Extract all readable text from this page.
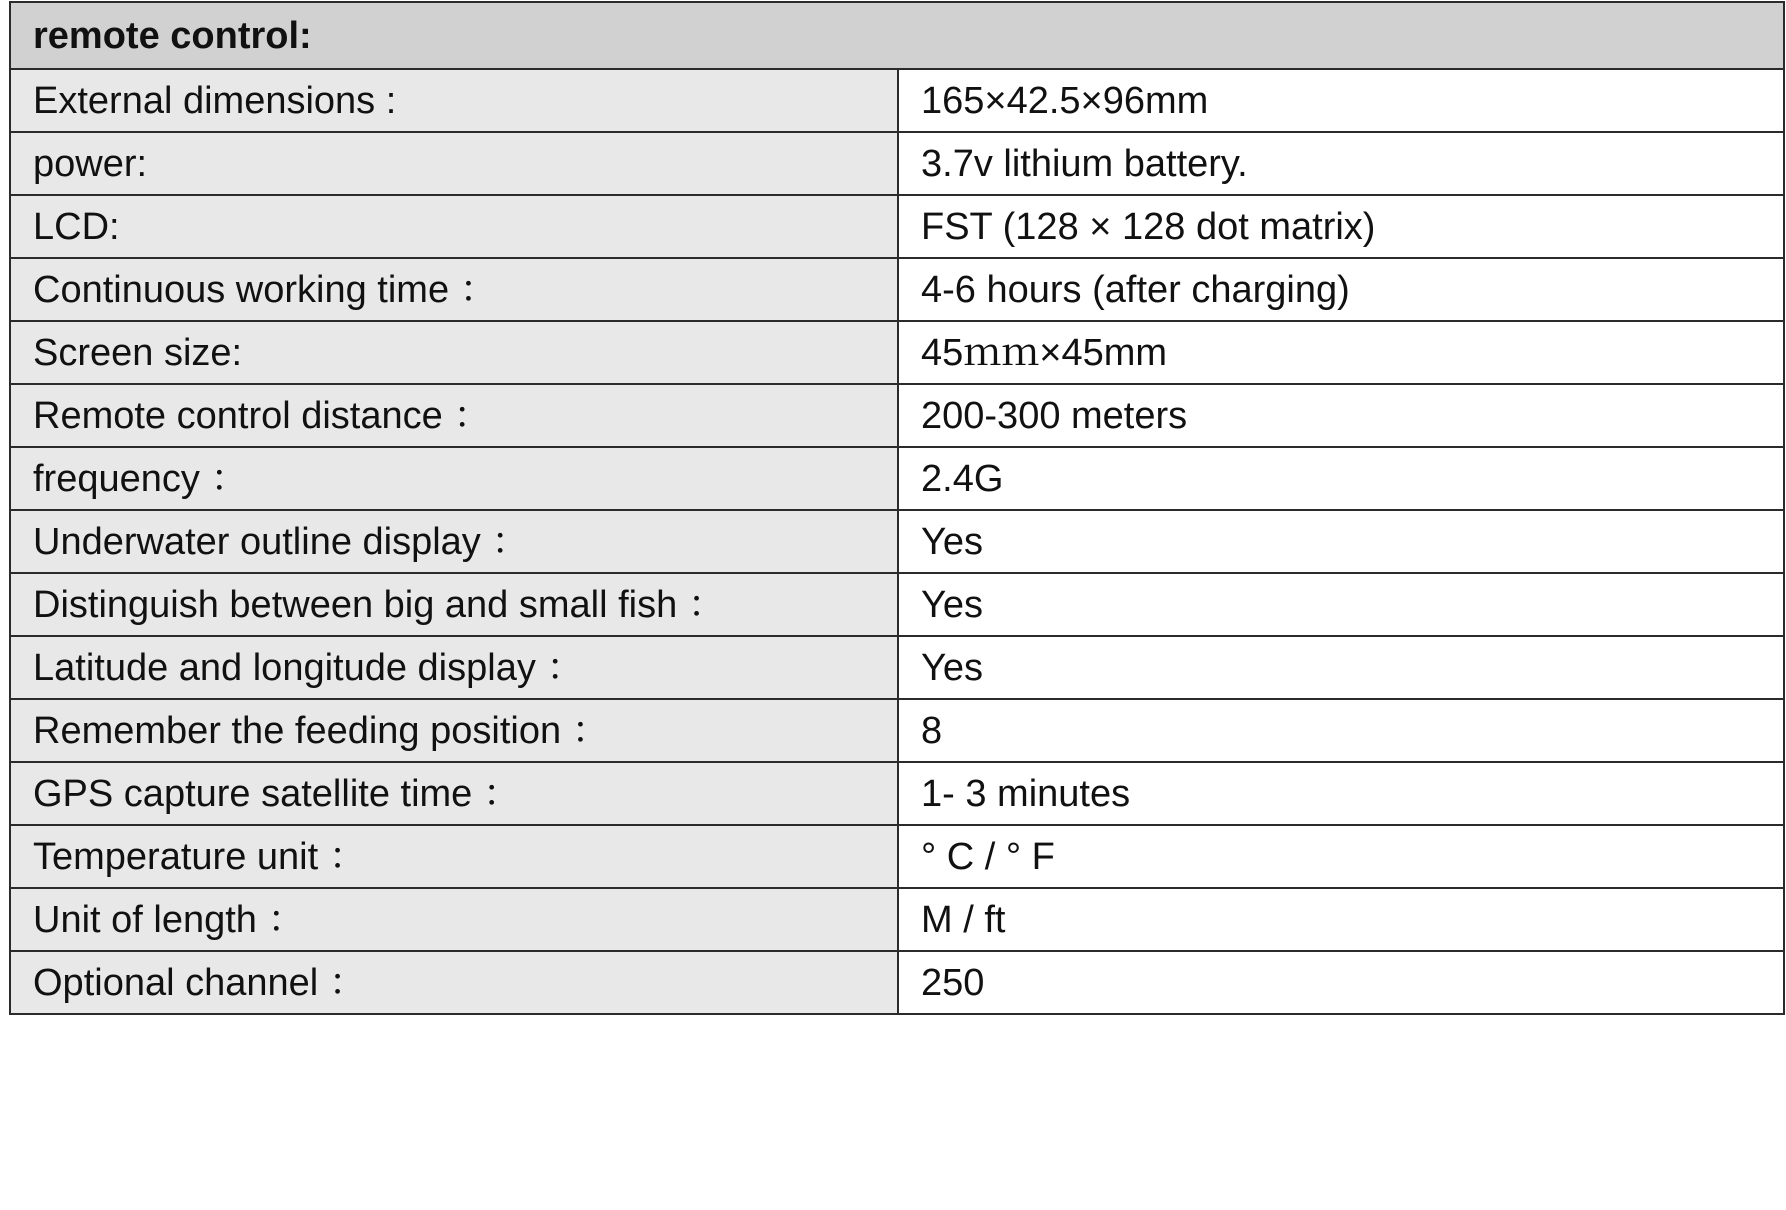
remote control:	
External dimensions :	165×42.5×96mm
power:	3.7v lithium battery.
LCD:	FST (128 × 128 dot matrix)
Continuous working time ：	4-6 hours (after charging)
Screen size:	45ｍｍ×45mm
Remote control distance ：	200-300 meters
frequency ：	2.4G
Underwater outline display ：	Yes
Distinguish between big and small fish ：	Yes
Latitude and longitude display ：	Yes
Remember the feeding position ：	8
GPS capture satellite time ：	1- 3 minutes
Temperature unit ：	° C / ° F
Unit of length ：	M / ft
Optional channel ：	250
